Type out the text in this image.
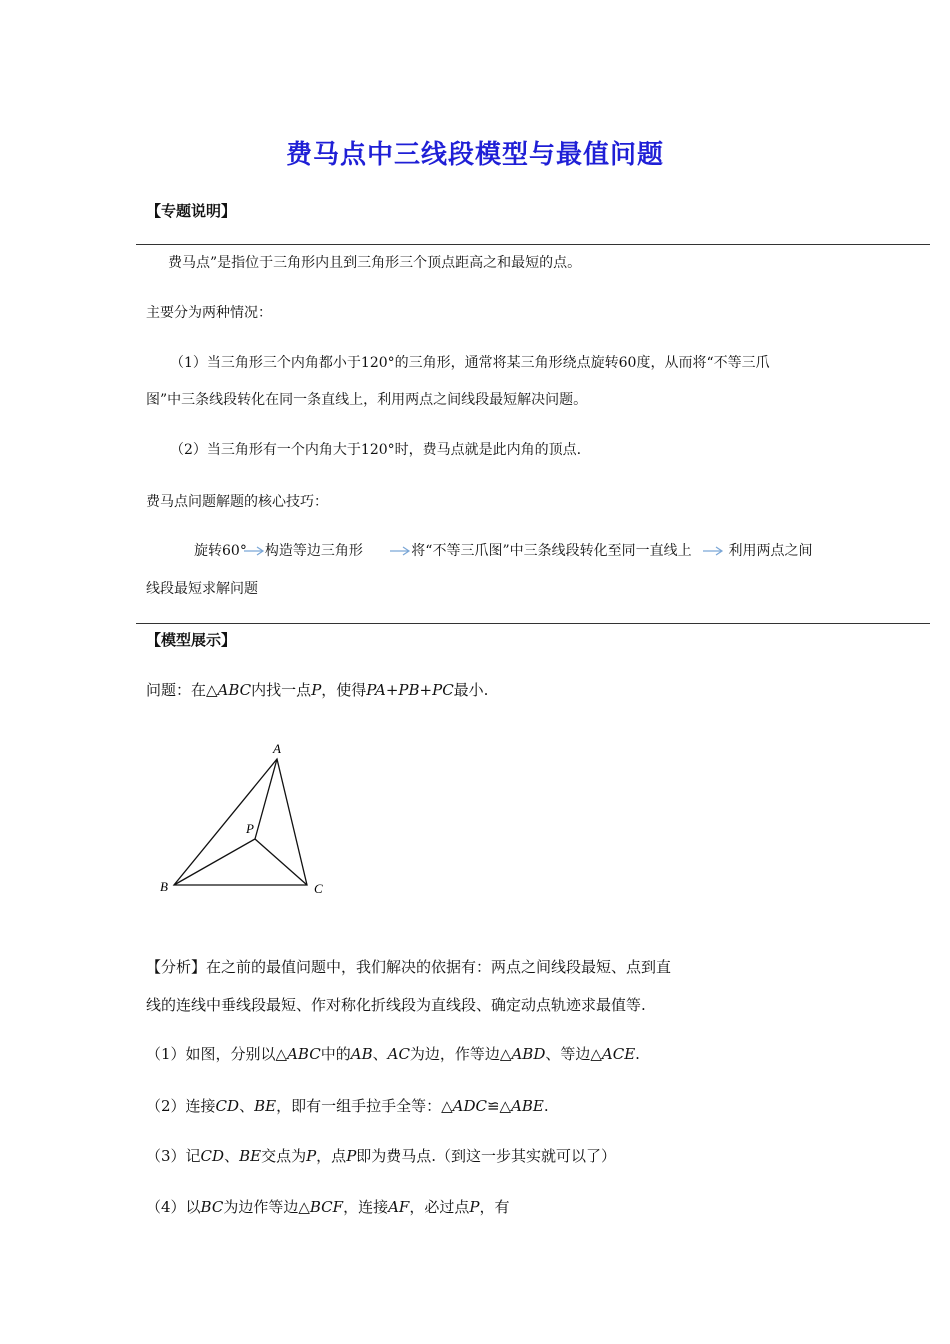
费马点中三线段模型与最值问题
【专题说明】
费马点”是指位于三角形内且到三角形三个顶点距高之和最短的点。
主要分为两种情况：
（1）当三角形三个内角都小于120°的三角形，通常将某三角形绕点旋转60度，从而将“不等三爪
图”中三条线段转化在同一条直线上，利用两点之间线段最短解决问题。
（2）当三角形有一个内角大于120°时，费马点就是此内角的顶点.
费马点问题解题的核心技巧：
旋转60° 构造等边三角形	将“不等三爪图”中三条线段转化至同一直线上	利用两点之间
线段最短求解问题
【模型展示】
问题：在△ABC内找一点P，使得PA+PB+PC最小.
A
B	C
P
【分析】在之前的最值问题中，我们解决的依据有：两点之间线段最短、点到直
线的连线中垂线段最短、作对称化折线段为直线段、确定动点轨迹求最值等.
（1）如图，分别以△ABC中的AB、AC为边，作等边△ABD、等边△ACE.
（2）连接CD、BE，即有一组手拉手全等：△ADC≌△ABE.
（3）记CD、BE交点为P，点P即为费马点.（到这一步其实就可以了）
（4）以BC为边作等边△BCF，连接AF，必过点P，有
